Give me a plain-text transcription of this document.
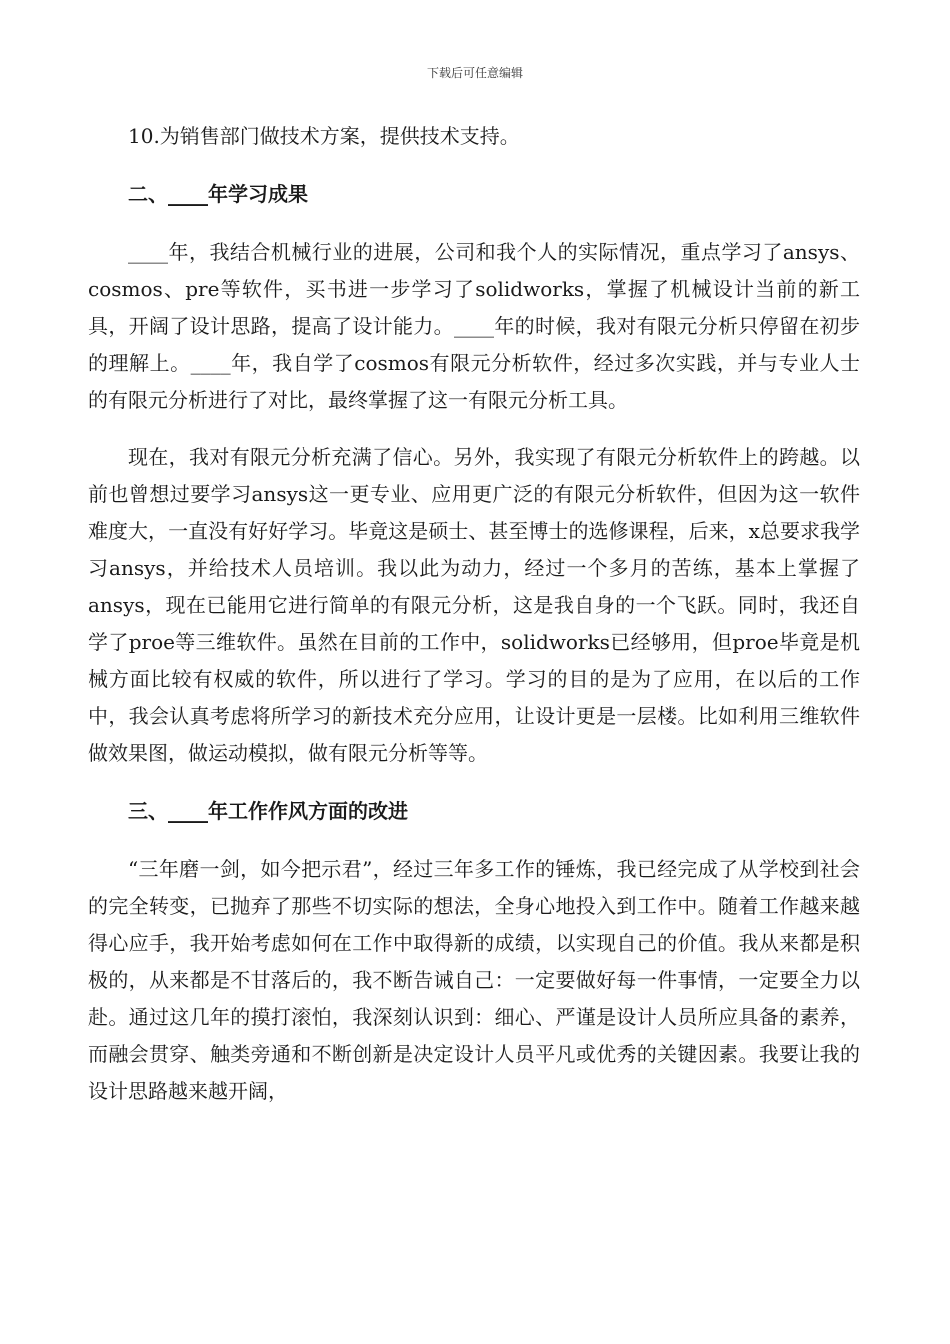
下载后可任意编辑

10.为销售部门做技术方案，提供技术支持。

二、____年学习成果

____年，我结合机械行业的进展，公司和我个人的实际情况，重点学习了ansys、cosmos、pre等软件，买书进一步学习了solidworks，掌握了机械设计当前的新工具，开阔了设计思路，提高了设计能力。____年的时候，我对有限元分析只停留在初步的理解上。____年，我自学了cosmos有限元分析软件，经过多次实践，并与专业人士的有限元分析进行了对比，最终掌握了这一有限元分析工具。

现在，我对有限元分析充满了信心。另外，我实现了有限元分析软件上的跨越。以前也曾想过要学习ansys这一更专业、应用更广泛的有限元分析软件，但因为这一软件难度大，一直没有好好学习。毕竟这是硕士、甚至博士的选修课程，后来，x总要求我学习ansys，并给技术人员培训。我以此为动力，经过一个多月的苦练，基本上掌握了ansys，现在已能用它进行简单的有限元分析，这是我自身的一个飞跃。同时，我还自学了proe等三维软件。虽然在目前的工作中，solidworks已经够用，但proe毕竟是机械方面比较有权威的软件，所以进行了学习。学习的目的是为了应用，在以后的工作中，我会认真考虑将所学习的新技术充分应用，让设计更是一层楼。比如利用三维软件做效果图，做运动模拟，做有限元分析等等。

三、____年工作作风方面的改进

“三年磨一剑，如今把示君”，经过三年多工作的锤炼，我已经完成了从学校到社会的完全转变，已抛弃了那些不切实际的想法，全身心地投入到工作中。随着工作越来越得心应手，我开始考虑如何在工作中取得新的成绩，以实现自己的价值。我从来都是积极的，从来都是不甘落后的，我不断告诫自己：一定要做好每一件事情，一定要全力以赴。通过这几年的摸打滚怕，我深刻认识到：细心、严谨是设计人员所应具备的素养，而融会贯穿、触类旁通和不断创新是决定设计人员平凡或优秀的关键因素。我要让我的设计思路越来越开阔，
